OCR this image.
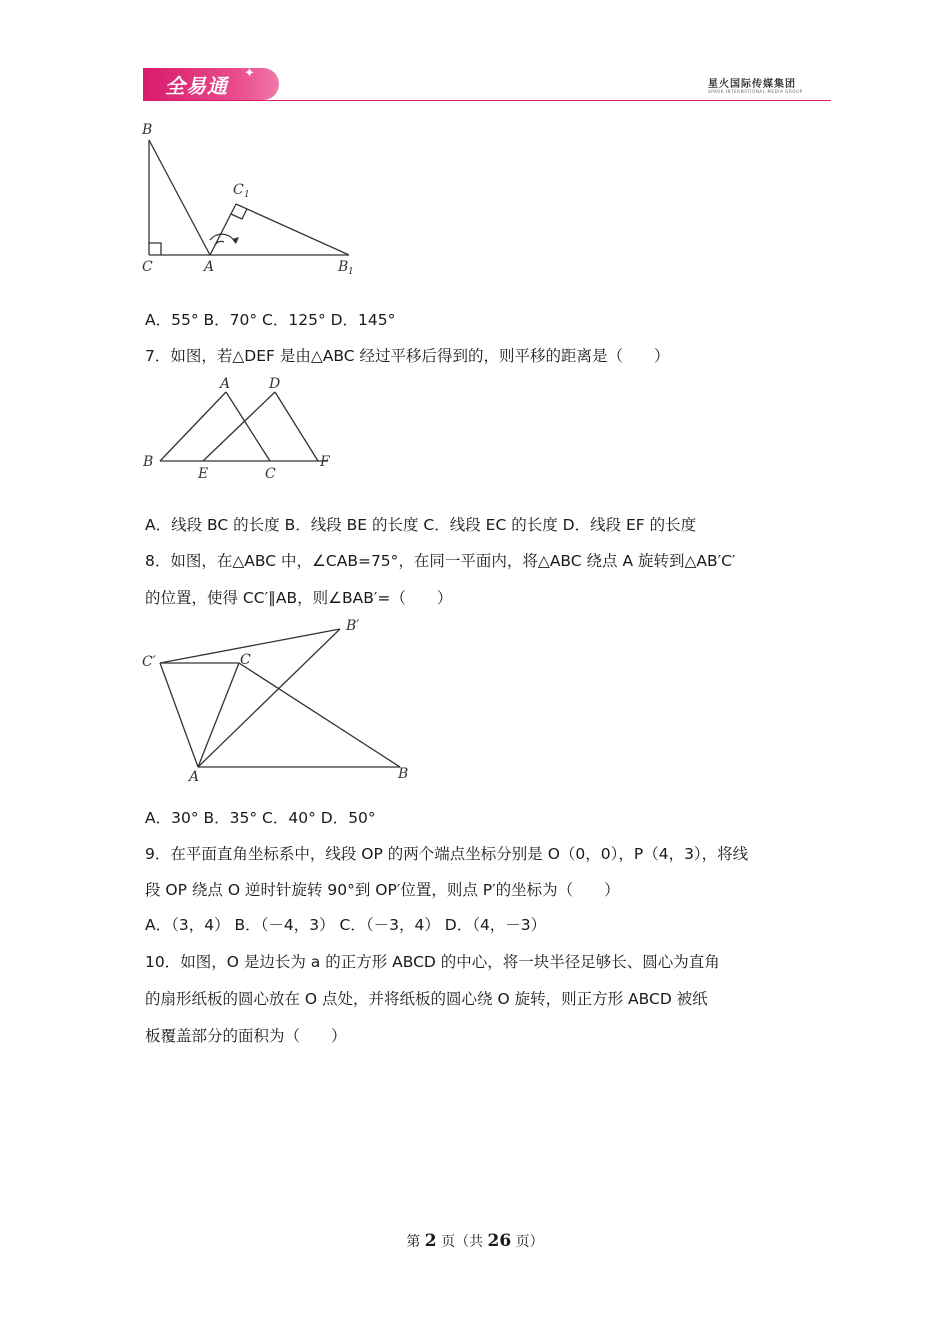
全易通
✦
星火国际传媒集团
SPARK INTERNATIONAL MEDIA GROUP
B
C	A
C 1
B 1
A．55° B．70° C．125° D．145°
7．如图，若△DEF 是由△ABC 经过平移后得到的，则平移的距离是（　　）
A	D
B
E	C
F
A．线段 BC 的长度 B．线段 BE 的长度 C．线段 EC 的长度 D．线段 EF 的长度
8．如图，在△ABC 中，∠CAB=75°，在同一平面内，将△ABC 绕点 A 旋转到△AB′C′
的位置，使得 CC′∥AB，则∠BAB′=（　　）
B′
C′	C
A	B
A．30° B．35° C．40° D．50°
9．在平面直角坐标系中，线段 OP 的两个端点坐标分别是 O（0，0），P（4，3），将线
段 OP 绕点 O 逆时针旋转 90°到 OP′位置，则点 P′的坐标为（　　）
A．（3，4） B．（－4，3） C．（－3，4） D．（4，－3）
10．如图，O 是边长为 a 的正方形 ABCD 的中心，将一块半径足够长、圆心为直角
的扇形纸板的圆心放在 O 点处，并将纸板的圆心绕 O 旋转，则正方形 ABCD 被纸
板覆盖部分的面积为（　　）
第 2 页（共 26 页）
